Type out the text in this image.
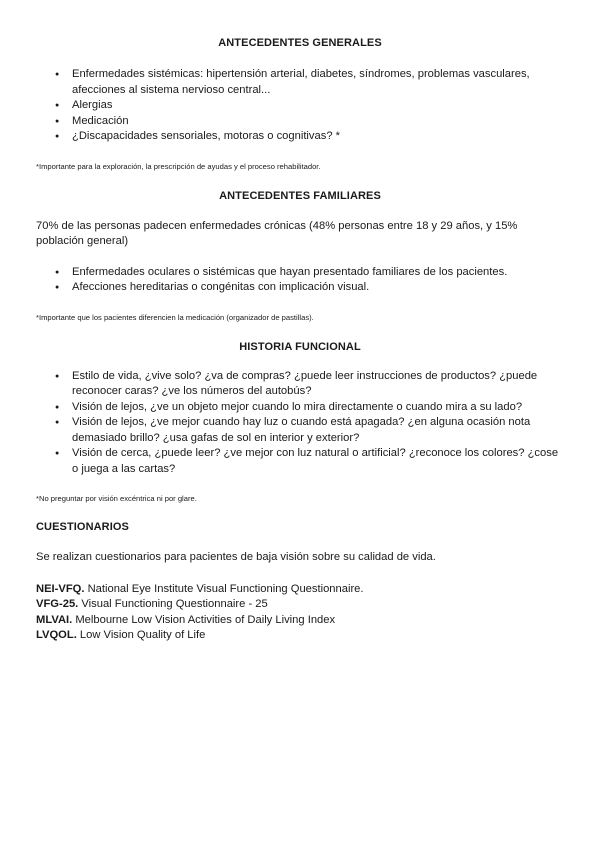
ANTECEDENTES GENERALES
● Enfermedades sistémicas: hipertensión arterial, diabetes, síndromes, problemas vasculares, afecciones al sistema nervioso central...
● Alergias
● Medicación
● ¿Discapacidades sensoriales, motoras o cognitivas? *

*Importante para la exploración, la prescripción de ayudas y el proceso rehabilitador.

ANTECEDENTES FAMILIARES

70% de las personas padecen enfermedades crónicas (48% personas entre 18 y 29 años, y 15% población general)

● Enfermedades oculares o sistémicas que hayan presentado familiares de los pacientes.
● Afecciones hereditarias o congénitas con implicación visual.

*Importante que los pacientes diferencien la medicación (organizador de pastillas).

HISTORIA FUNCIONAL
● Estilo de vida, ¿vive solo? ¿va de compras? ¿puede leer instrucciones de productos? ¿puede reconocer caras? ¿ve los números del autobús?
● Visión de lejos, ¿ve un objeto mejor cuando lo mira directamente o cuando mira a su lado?
● Visión de lejos, ¿ve mejor cuando hay luz o cuando está apagada? ¿en alguna ocasión nota demasiado brillo? ¿usa gafas de sol en interior y exterior?
● Visión de cerca, ¿puede leer? ¿ve mejor con luz natural o artificial? ¿reconoce los colores? ¿cose o juega a las cartas?

*No preguntar por visión excéntrica ni por glare.

CUESTIONARIOS

Se realizan cuestionarios para pacientes de baja visión sobre su calidad de vida.

NEI-VFQ. National Eye Institute Visual Functioning Questionnaire.
VFG-25. Visual Functioning Questionnaire - 25
MLVAI. Melbourne Low Vision Activities of Daily Living Index
LVQOL. Low Vision Quality of Life
